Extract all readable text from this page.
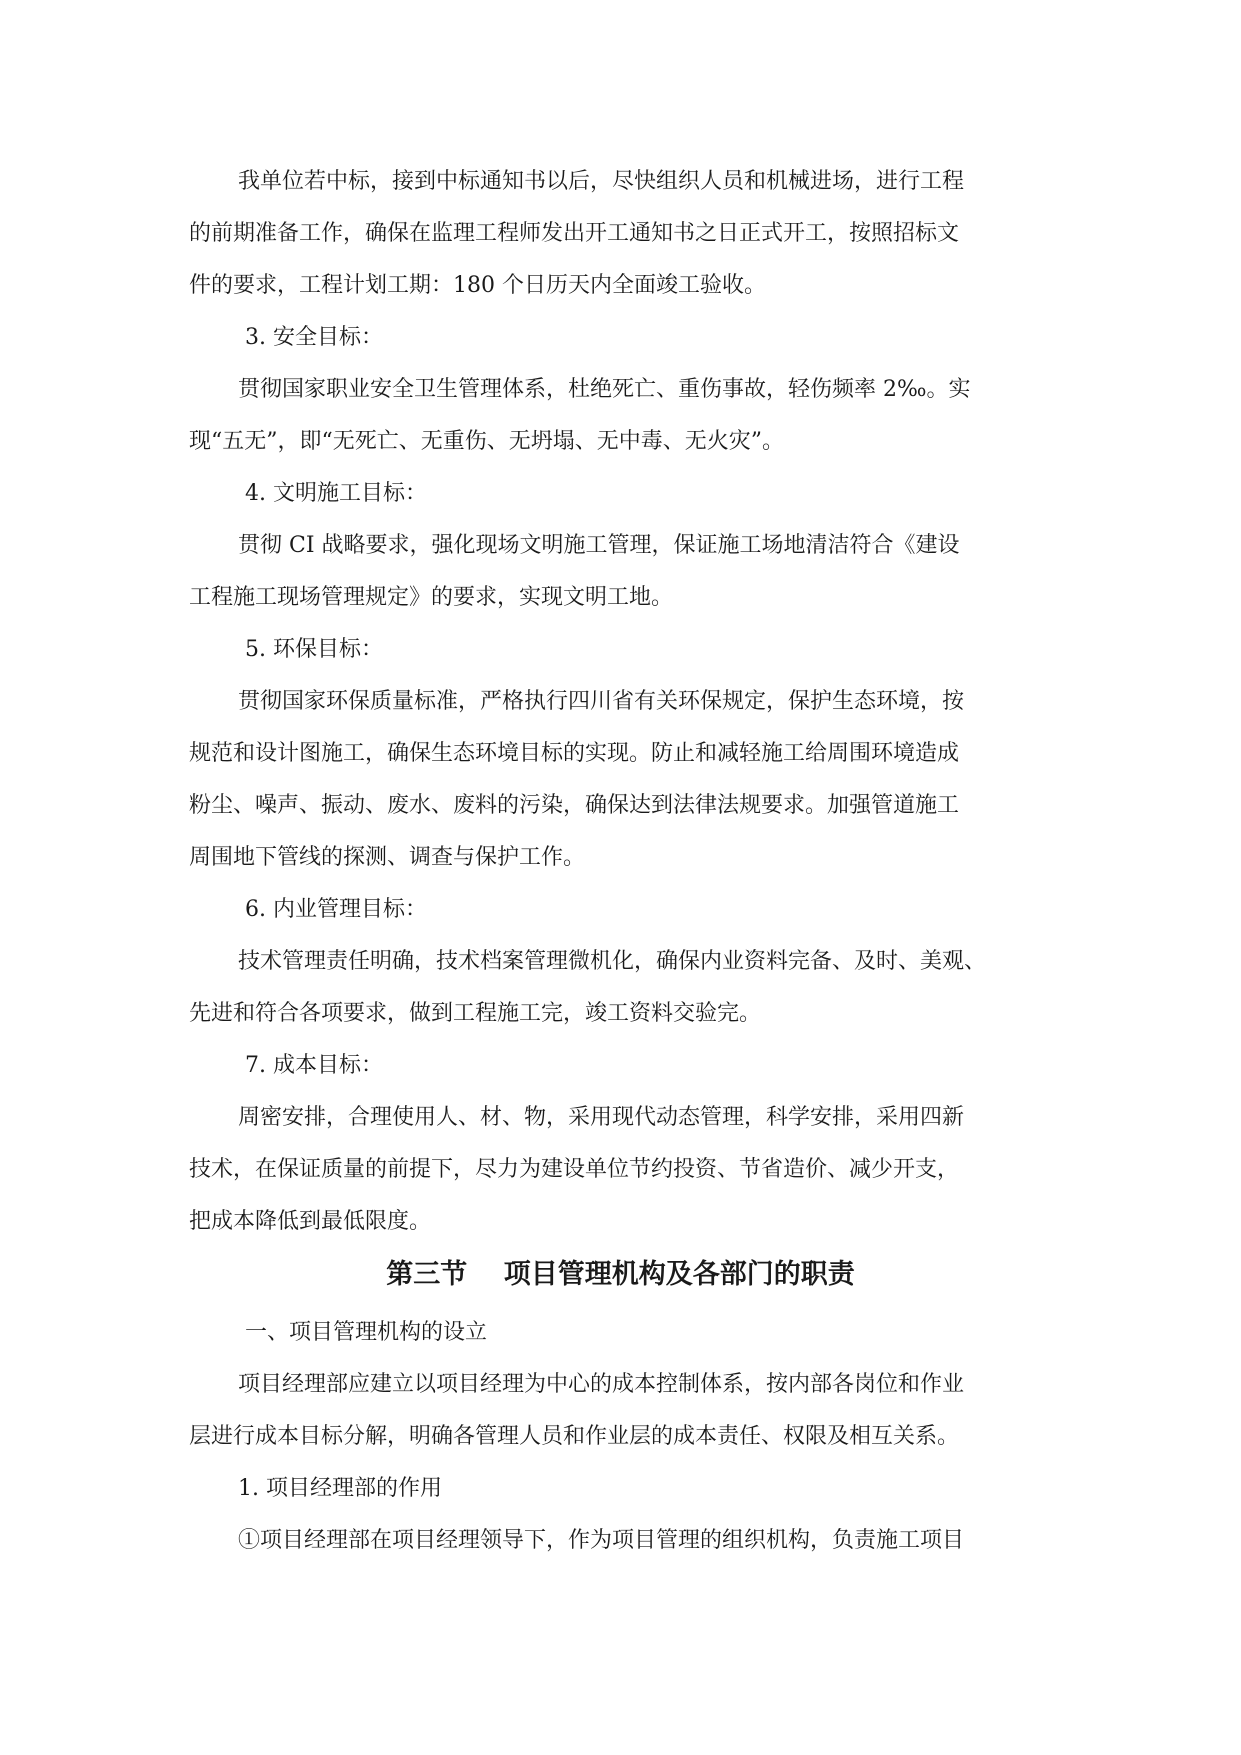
我单位若中标，接到中标通知书以后，尽快组织人员和机械进场，进行工程
的前期准备工作，确保在监理工程师发出开工通知书之日正式开工，按照招标文
件的要求，工程计划工期：180 个日历天内全面竣工验收。
3. 安全目标：
贯彻国家职业安全卫生管理体系，杜绝死亡、重伤事故，轻伤频率 2‰。实
现“五无”，即“无死亡、无重伤、无坍塌、无中毒、无火灾”。
4. 文明施工目标：
贯彻 CI 战略要求，强化现场文明施工管理，保证施工场地清洁符合《建设
工程施工现场管理规定》的要求，实现文明工地。
5. 环保目标：
贯彻国家环保质量标准，严格执行四川省有关环保规定，保护生态环境，按
规范和设计图施工，确保生态环境目标的实现。防止和减轻施工给周围环境造成
粉尘、噪声、振动、废水、废料的污染，确保达到法律法规要求。加强管道施工
周围地下管线的探测、调查与保护工作。
6. 内业管理目标：
技术管理责任明确，技术档案管理微机化，确保内业资料完备、及时、美观、
先进和符合各项要求，做到工程施工完，竣工资料交验完。
7. 成本目标：
周密安排，合理使用人、材、物，采用现代动态管理，科学安排，采用四新
技术，在保证质量的前提下，尽力为建设单位节约投资、节省造价、减少开支，
把成本降低到最低限度。
第三节　 项目管理机构及各部门的职责
一、项目管理机构的设立
项目经理部应建立以项目经理为中心的成本控制体系，按内部各岗位和作业
层进行成本目标分解，明确各管理人员和作业层的成本责任、权限及相互关系。
1. 项目经理部的作用
①项目经理部在项目经理领导下，作为项目管理的组织机构，负责施工项目
